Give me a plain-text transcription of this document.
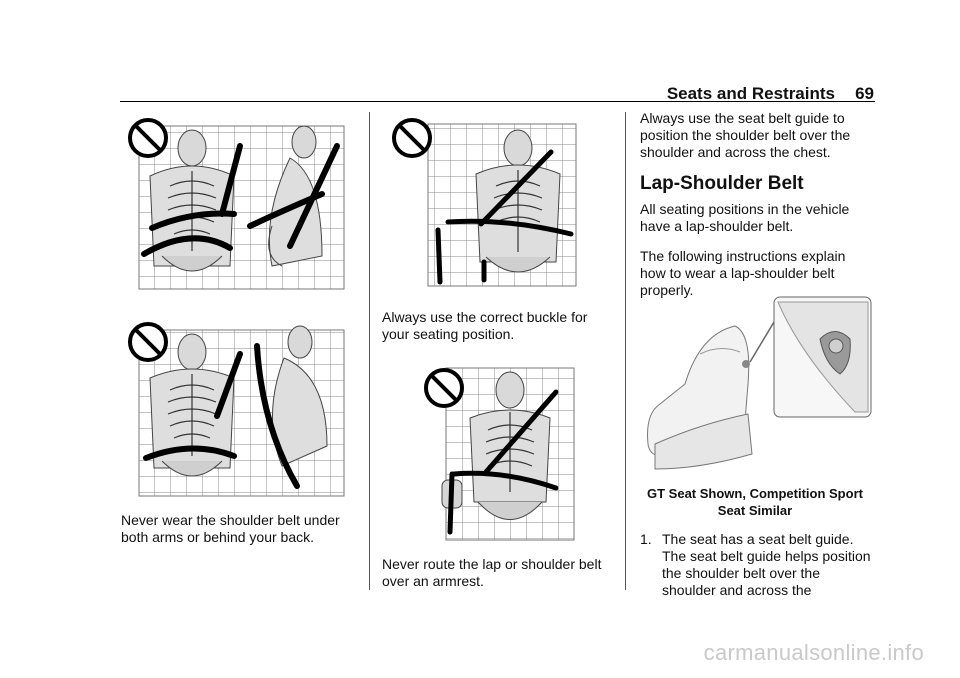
Seats and Restraints 69

Never wear the shoulder belt under both arms or behind your back.

Always use the correct buckle for your seating position.

Never route the lap or shoulder belt over an armrest.

Always use the seat belt guide to position the shoulder belt over the shoulder and across the chest.

Lap-Shoulder Belt

All seating positions in the vehicle have a lap-shoulder belt.

The following instructions explain how to wear a lap-shoulder belt properly.

GT Seat Shown, Competition Sport Seat Similar
1. The seat has a seat belt guide. The seat belt guide helps position the shoulder belt over the shoulder and across the
carmanualsonline.info
